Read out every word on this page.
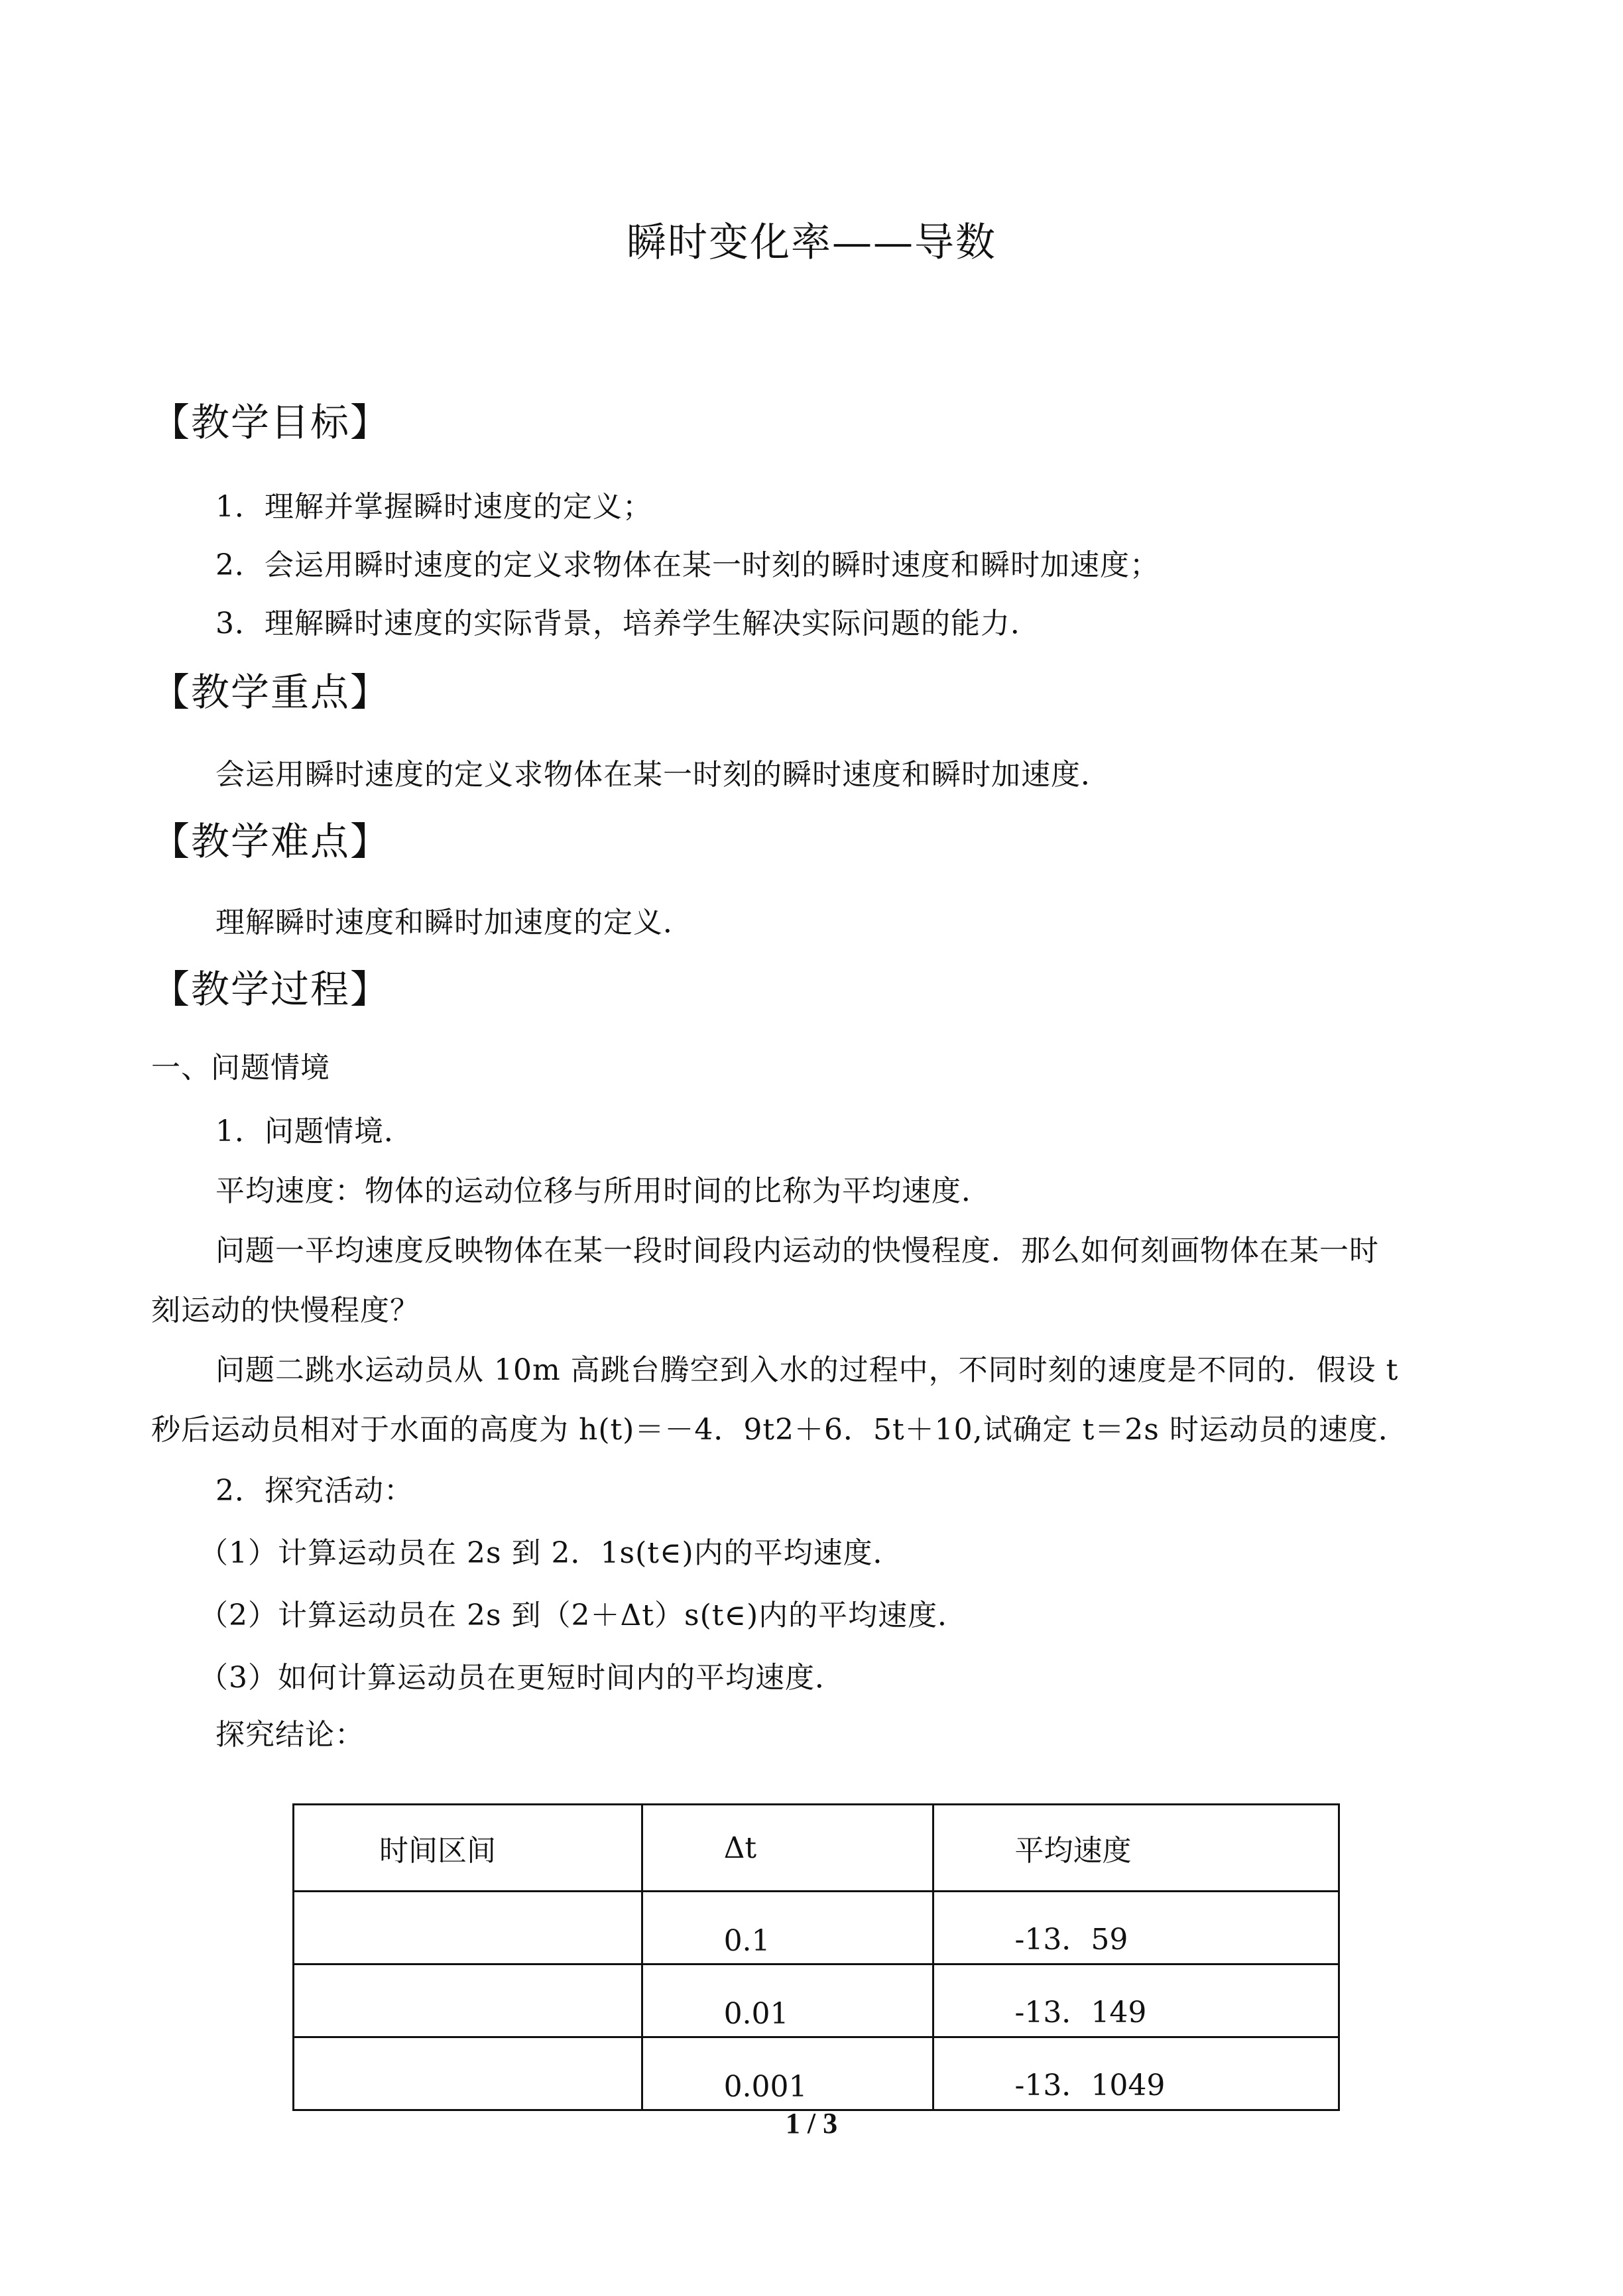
瞬时变化率——导数
【教学目标】
1．理解并掌握瞬时速度的定义；
2．会运用瞬时速度的定义求物体在某一时刻的瞬时速度和瞬时加速度；
3．理解瞬时速度的实际背景，培养学生解决实际问题的能力．
【教学重点】
会运用瞬时速度的定义求物体在某一时刻的瞬时速度和瞬时加速度．
【教学难点】
理解瞬时速度和瞬时加速度的定义．
【教学过程】
一、问题情境
1．问题情境．
平均速度：物体的运动位移与所用时间的比称为平均速度．
问题一平均速度反映物体在某一段时间段内运动的快慢程度．那么如何刻画物体在某一时
刻运动的快慢程度？
问题二跳水运动员从 10m 高跳台腾空到入水的过程中，不同时刻的速度是不同的．假设 t
秒后运动员相对于水面的高度为 h(t)＝－4．9t2＋6．5t＋10,试确定 t＝2s 时运动员的速度．
2．探究活动：
（1）计算运动员在 2s 到 2．1s(t∈)内的平均速度．
（2）计算运动员在 2s 到（2＋Δt）s(t∈)内的平均速度．
（3）如何计算运动员在更短时间内的平均速度．
探究结论：
时间区间	Δt	平均速度
	0.1	-13．59
	0.01	-13．149
	0.001	-13．1049
1 / 3
